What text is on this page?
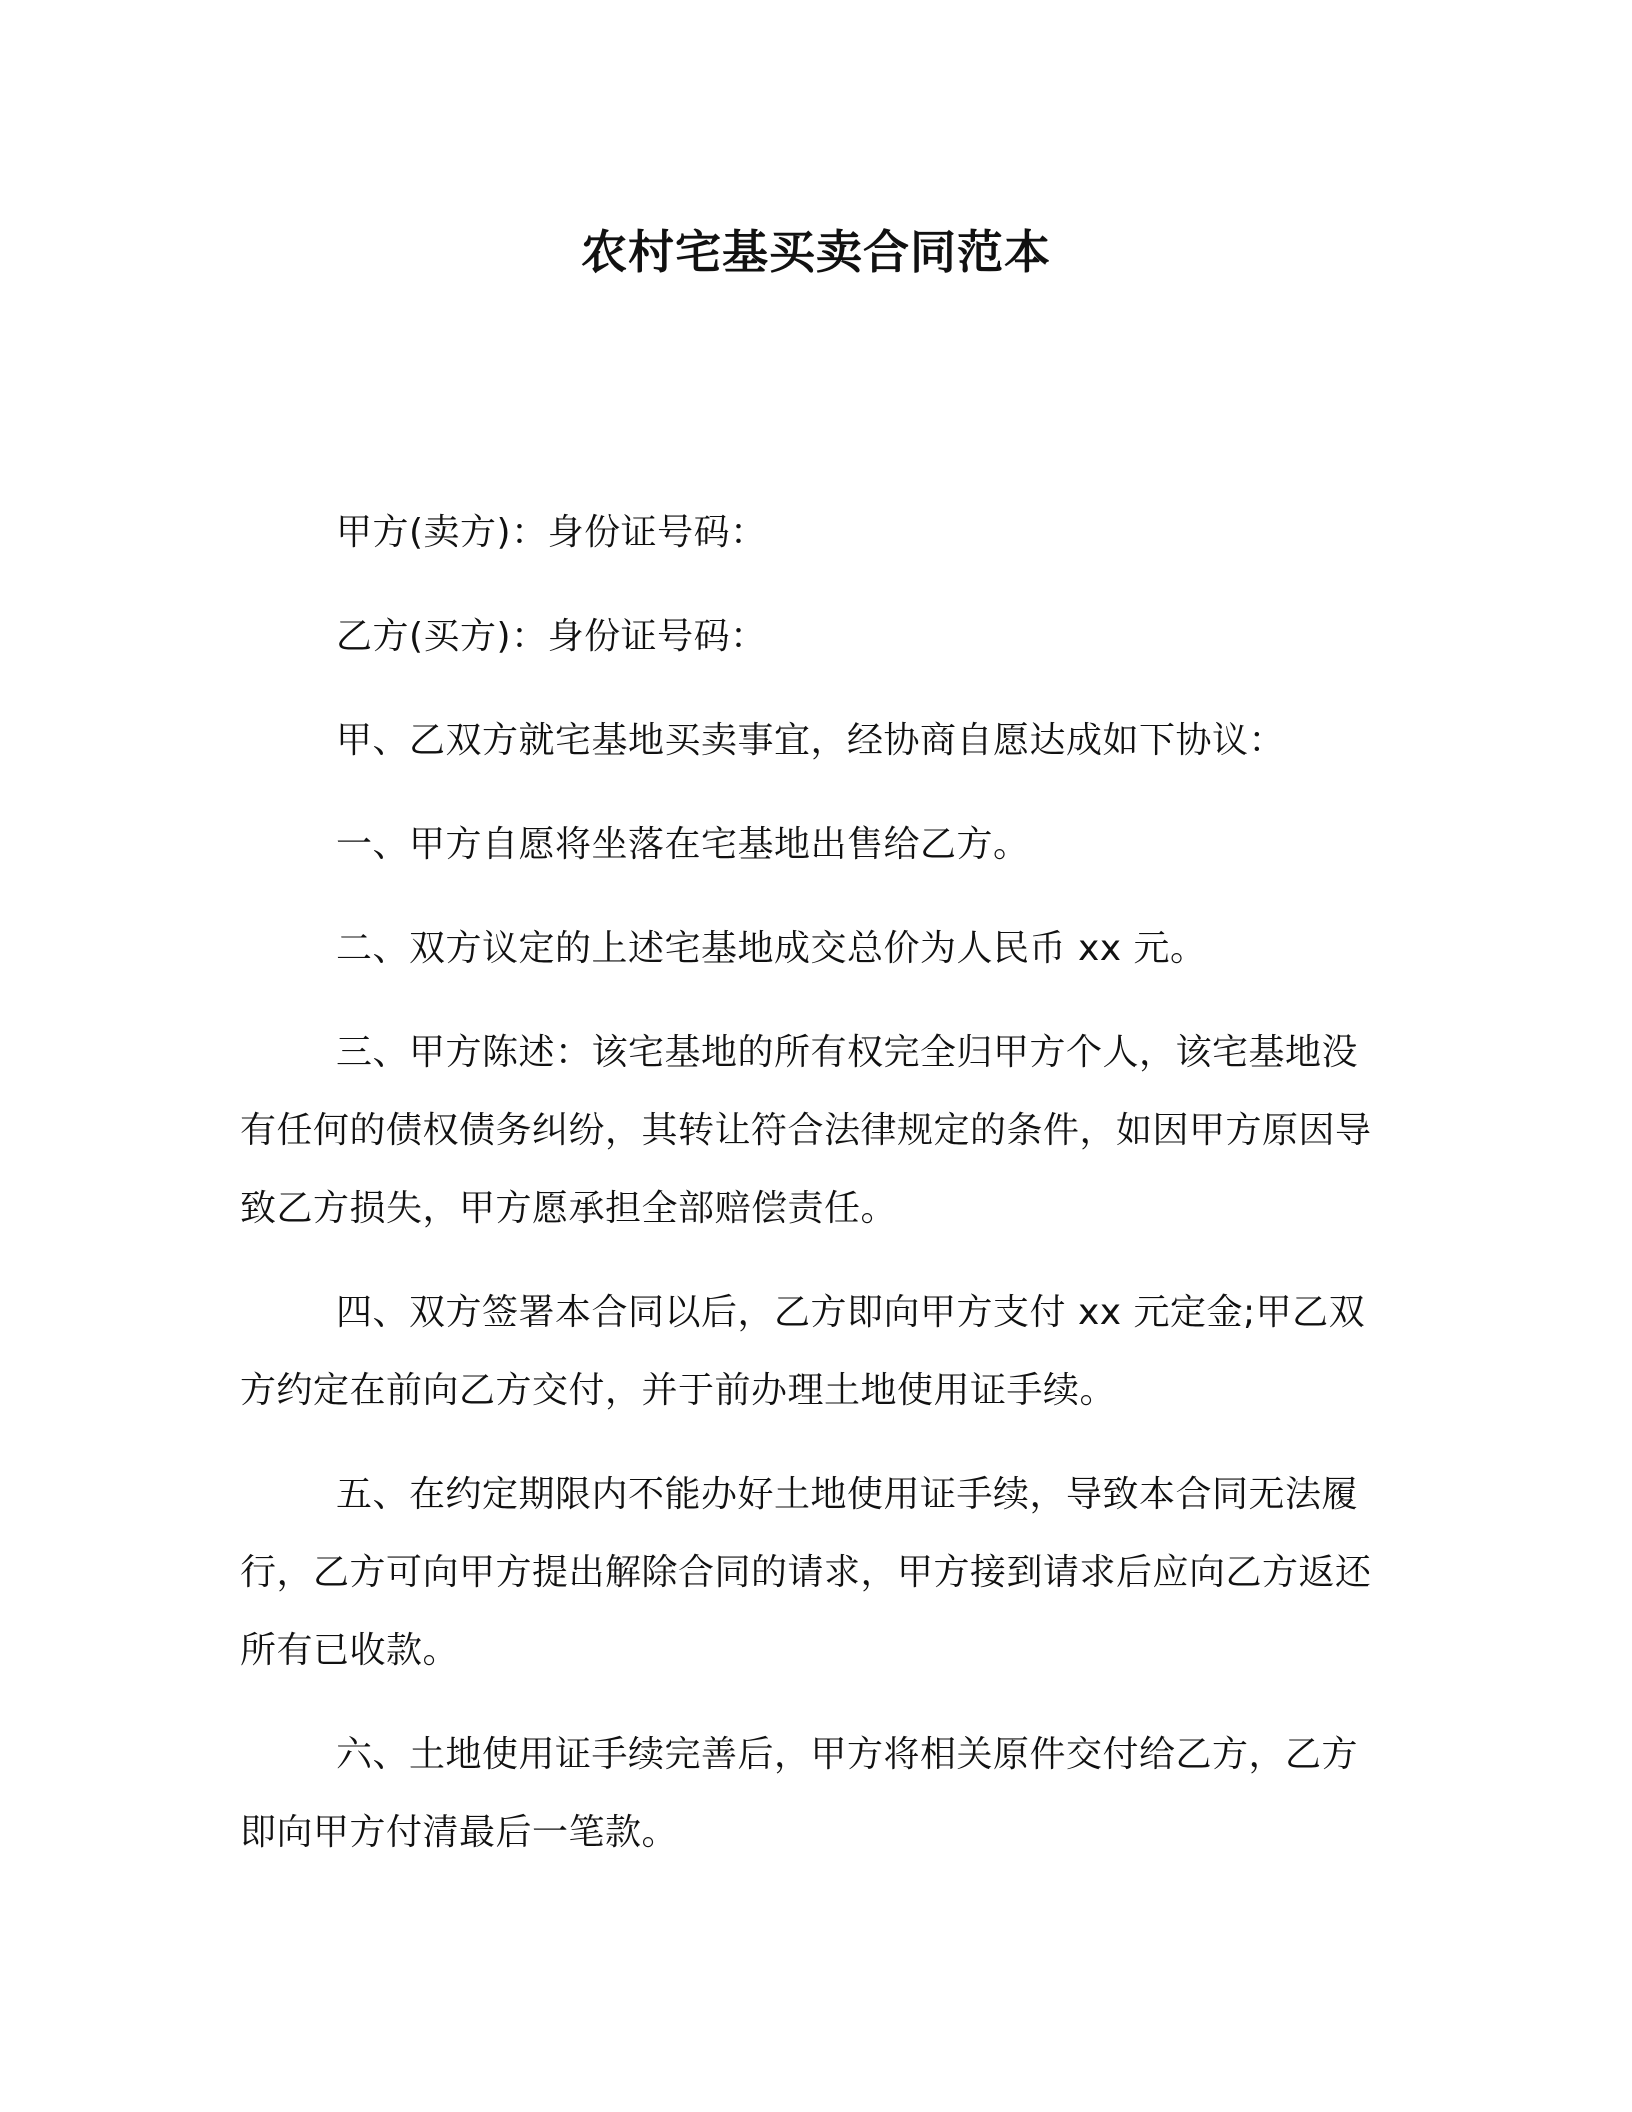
农村宅基买卖合同范本

甲方(卖方)：身份证号码：

乙方(买方)：身份证号码：

甲、乙双方就宅基地买卖事宜，经协商自愿达成如下协议：

一、甲方自愿将坐落在宅基地出售给乙方。

二、双方议定的上述宅基地成交总价为人民币 xx 元。

三、甲方陈述：该宅基地的所有权完全归甲方个人，该宅基地没有任何的债权债务纠纷，其转让符合法律规定的条件，如因甲方原因导致乙方损失，甲方愿承担全部赔偿责任。

四、双方签署本合同以后，乙方即向甲方支付 xx 元定金;甲乙双方约定在前向乙方交付，并于前办理土地使用证手续。

五、在约定期限内不能办好土地使用证手续，导致本合同无法履行，乙方可向甲方提出解除合同的请求，甲方接到请求后应向乙方返还所有已收款。

六、土地使用证手续完善后，甲方将相关原件交付给乙方，乙方即向甲方付清最后一笔款。
